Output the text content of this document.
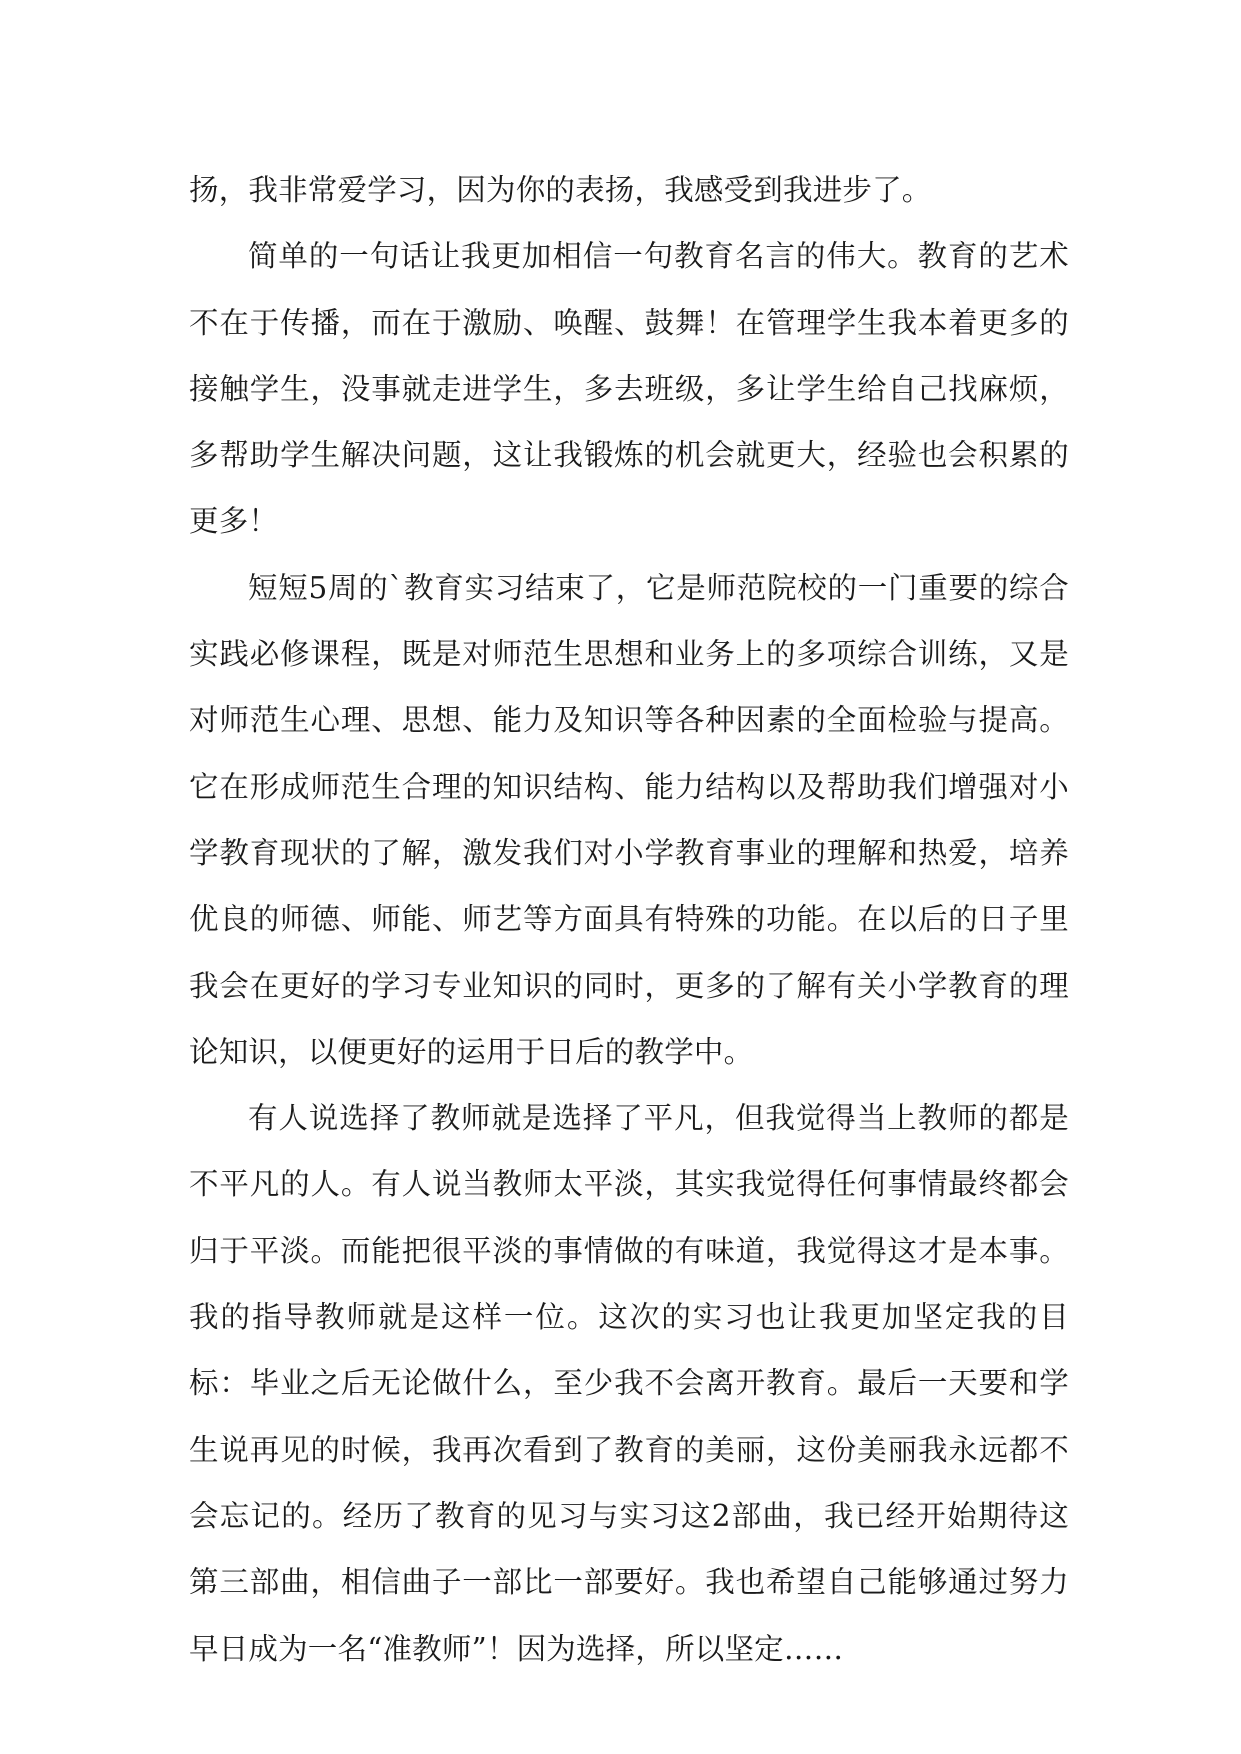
扬，我非常爱学习，因为你的表扬，我感受到我进步了。

简单的一句话让我更加相信一句教育名言的伟大。教育的艺术不在于传播，而在于激励、唤醒、鼓舞！在管理学生我本着更多的接触学生，没事就走进学生，多去班级，多让学生给自己找麻烦，多帮助学生解决问题，这让我锻炼的机会就更大，经验也会积累的更多！

短短5周的`教育实习结束了，它是师范院校的一门重要的综合实践必修课程，既是对师范生思想和业务上的多项综合训练，又是对师范生心理、思想、能力及知识等各种因素的全面检验与提高。它在形成师范生合理的知识结构、能力结构以及帮助我们增强对小学教育现状的了解，激发我们对小学教育事业的理解和热爱，培养优良的师德、师能、师艺等方面具有特殊的功能。在以后的日子里我会在更好的学习专业知识的同时，更多的了解有关小学教育的理论知识，以便更好的运用于日后的教学中。

有人说选择了教师就是选择了平凡，但我觉得当上教师的都是不平凡的人。有人说当教师太平淡，其实我觉得任何事情最终都会归于平淡。而能把很平淡的事情做的有味道，我觉得这才是本事。我的指导教师就是这样一位。这次的实习也让我更加坚定我的目标：毕业之后无论做什么，至少我不会离开教育。最后一天要和学生说再见的时候，我再次看到了教育的美丽，这份美丽我永远都不会忘记的。经历了教育的见习与实习这2部曲，我已经开始期待这第三部曲，相信曲子一部比一部要好。我也希望自己能够通过努力早日成为一名“准教师”！因为选择，所以坚定……
